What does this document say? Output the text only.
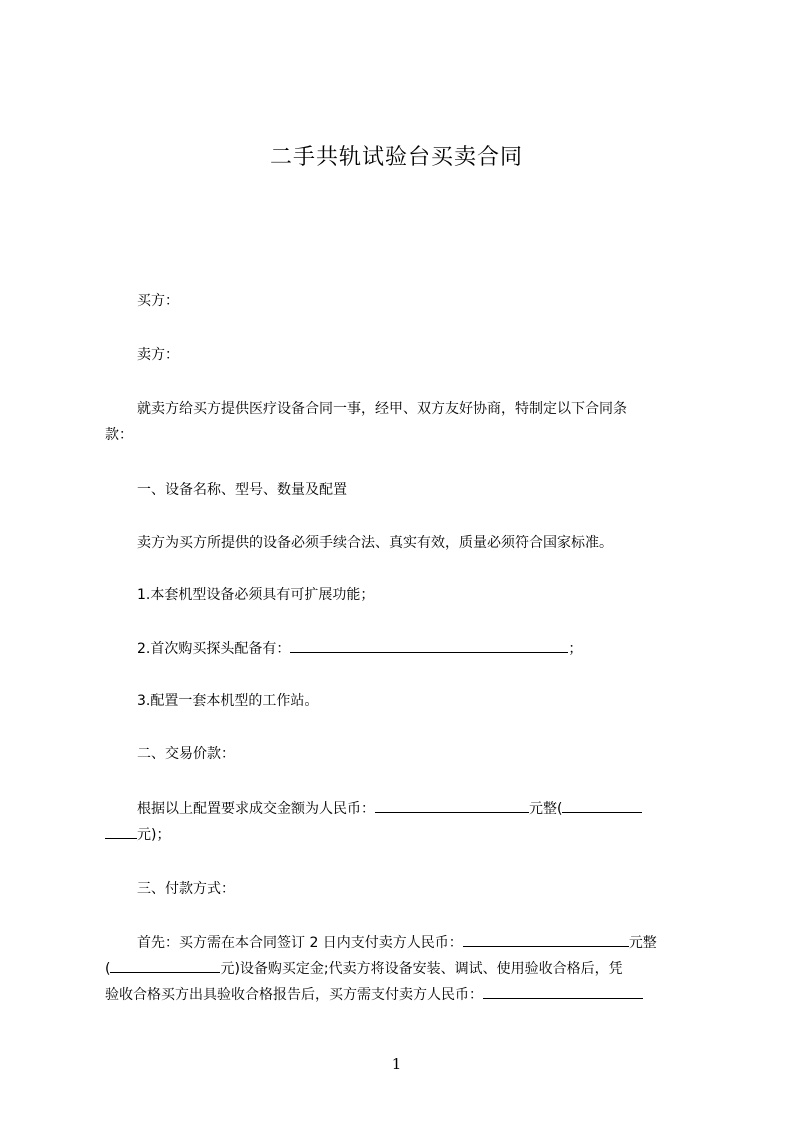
二手共轨试验台买卖合同
买方：
卖方：
就卖方给买方提供医疗设备合同一事，经甲、双方友好协商，特制定以下合同条
款：
一、设备名称、型号、数量及配置
卖方为买方所提供的设备必须手续合法、真实有效，质量必须符合国家标准。
1.本套机型设备必须具有可扩展功能；
2.首次购买探头配备有：	；
3.配置一套本机型的工作站。
二、交易价款：
根据以上配置要求成交金额为人民币：	元整(
元)；
三、付款方式：
首先：买方需在本合同签订 2 日内支付卖方人民币：	元整
(	元)设备购买定金;代卖方将设备安装、调试、使用验收合格后，凭
验收合格买方出具验收合格报告后，买方需支付卖方人民币：
1
